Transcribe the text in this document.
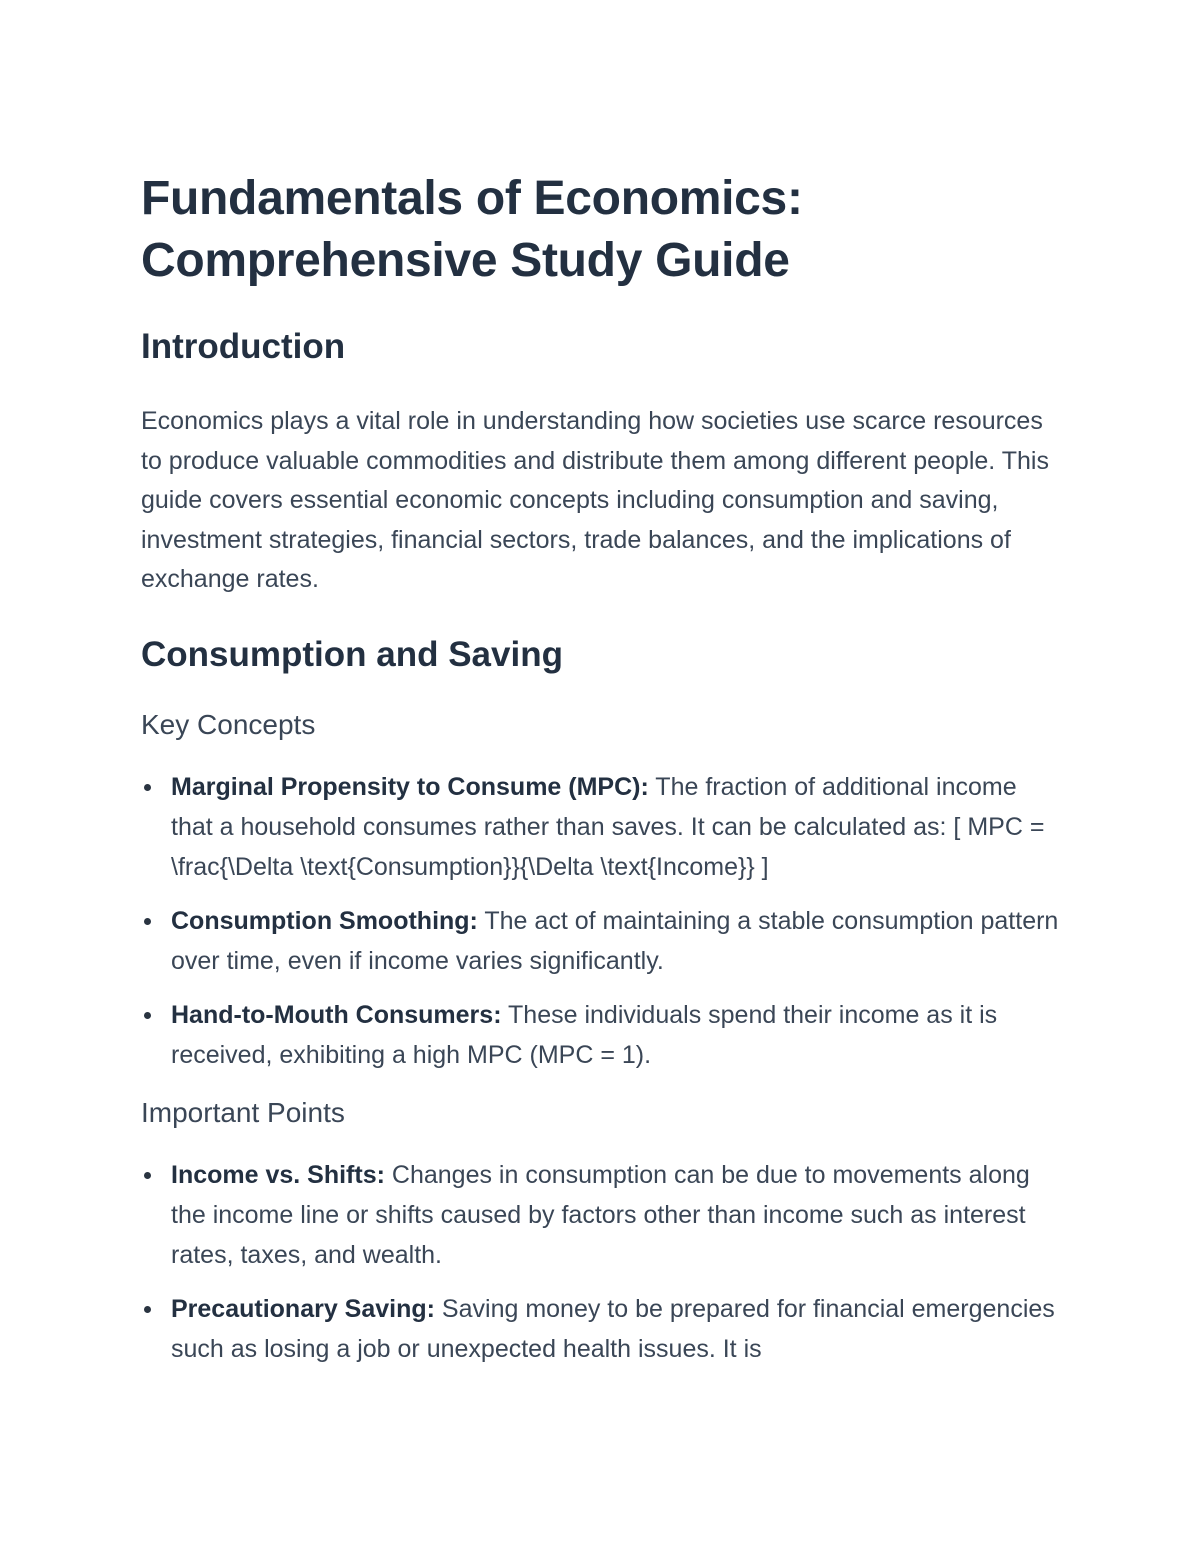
Fundamentals of Economics:
Comprehensive Study Guide
Introduction

Economics plays a vital role in understanding how societies use scarce resources to produce valuable commodities and distribute them among different people. This guide covers essential economic concepts including consumption and saving, investment strategies, financial sectors, trade balances, and the implications of exchange rates.

Consumption and Saving
Key Concepts
Marginal Propensity to Consume (MPC): The fraction of additional income that a household consumes rather than saves. It can be calculated as: [ MPC = \frac{\Delta \text{Consumption}}{\Delta \text{Income}} ]
Consumption Smoothing: The act of maintaining a stable consumption pattern over time, even if income varies significantly.
Hand-to-Mouth Consumers: These individuals spend their income as it is received, exhibiting a high MPC (MPC = 1).
Important Points
Income vs. Shifts: Changes in consumption can be due to movements along the income line or shifts caused by factors other than income such as interest rates, taxes, and wealth.
Precautionary Saving: Saving money to be prepared for financial emergencies such as losing a job or unexpected health issues. It is
